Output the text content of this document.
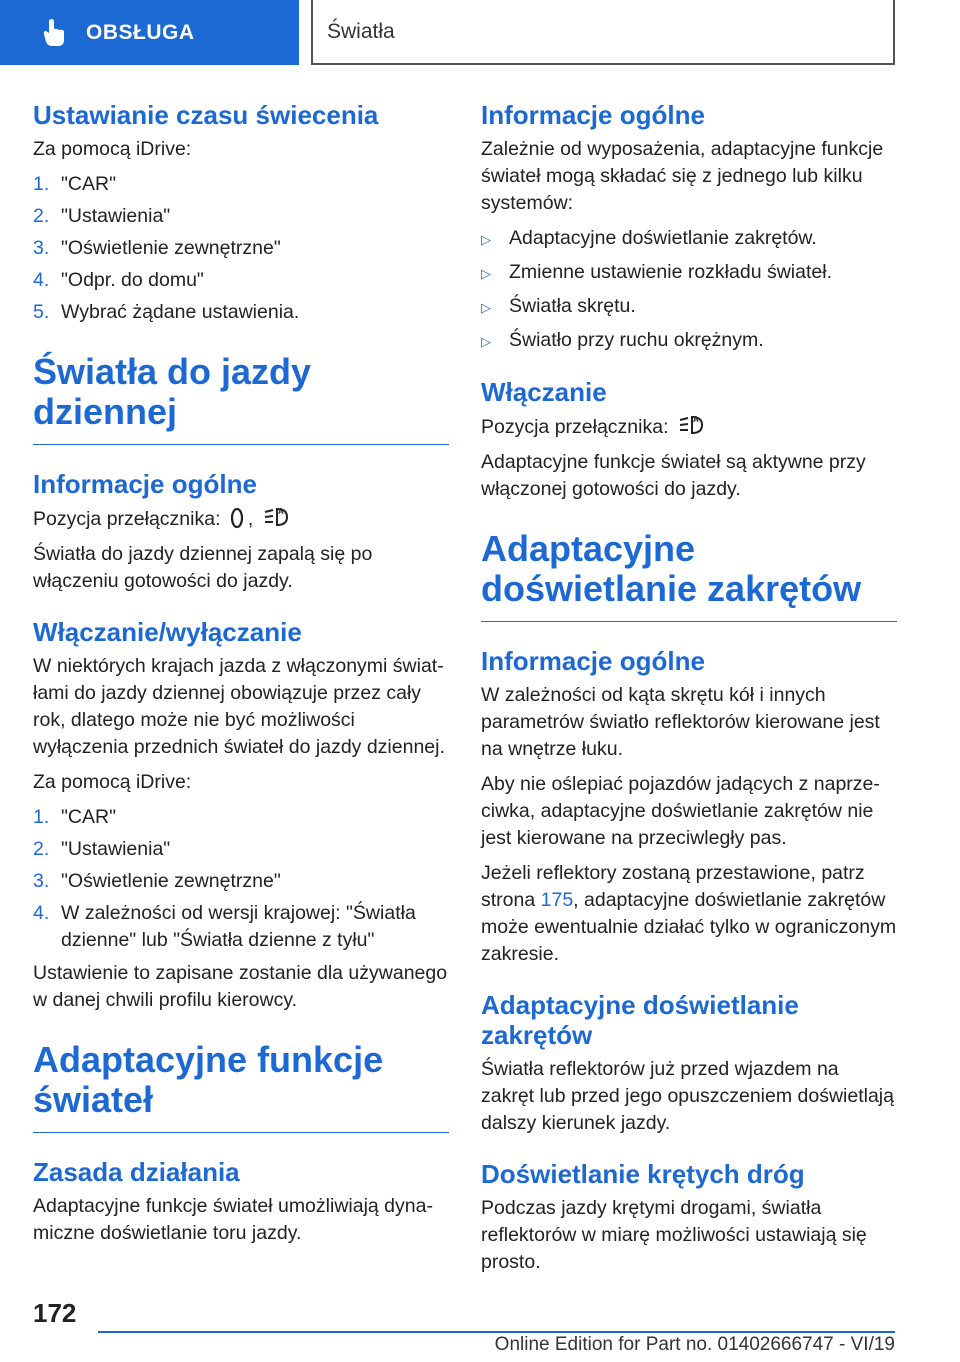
OBSŁUGA	Światła
Ustawianie czasu świecenia

Za pomocą iDrive:

1. "CAR"
2. "Ustawienia"
3. "Oświetlenie zewnętrzne"
4. "Odpr. do domu"
5. Wybrać żądane ustawienia.
Światła do jazdy dziennej
Informacje ogólne

Pozycja przełącznika: ,	A

Światła do jazdy dziennej zapalą się po włączeniu gotowości do jazdy.

Włączanie/wyłączanie

W niektórych krajach jazda z włączonymi światłami do jazdy dziennej obowiązuje przez cały rok, dlatego może nie być możliwości wyłączenia przednich świateł do jazdy dziennej.

Za pomocą iDrive:

1. "CAR"
2. "Ustawienia"
3. "Oświetlenie zewnętrzne"
4. W zależności od wersji krajowej: "Światła dzienne" lub "Światła dzienne z tyłu"

Ustawienie to zapisane zostanie dla używanego w danej chwili profilu kierowcy.

Adaptacyjne funkcje świateł
Zasada działania

Adaptacyjne funkcje świateł umożliwiają dynamiczne doświetlanie toru jazdy.

Informacje ogólne

Zależnie od wyposażenia, adaptacyjne funkcje świateł mogą składać się z jednego lub kilku systemów:

▷ Adaptacyjne doświetlanie zakrętów.
▷ Zmienne ustawienie rozkładu świateł.
▷ Światła skrętu.
▷ Światło przy ruchu okrężnym.
Włączanie

Pozycja przełącznika:	A

Adaptacyjne funkcje świateł są aktywne przy włączonej gotowości do jazdy.

Adaptacyjne doświetlanie zakrętów
Informacje ogólne

W zależności od kąta skrętu kół i innych parametrów światło reflektorów kierowane jest na wnętrze łuku.

Aby nie oślepiać pojazdów jadących z naprzeciwka, adaptacyjne doświetlanie zakrętów nie jest kierowane na przeciwległy pas.

Jeżeli reflektory zostaną przestawione, patrz strona 175, adaptacyjne doświetlanie zakrętów może ewentualnie działać tylko w ograniczonym zakresie.

Adaptacyjne doświetlanie zakrętów

Światła reflektorów już przed wjazdem na zakręt lub przed jego opuszczeniem doświetlają dalszy kierunek jazdy.

Doświetlanie krętych dróg

Podczas jazdy krętymi drogami, światła reflektorów w miarę możliwości ustawiają się prosto.

172
Online Edition for Part no. 01402666747 - VI/19
